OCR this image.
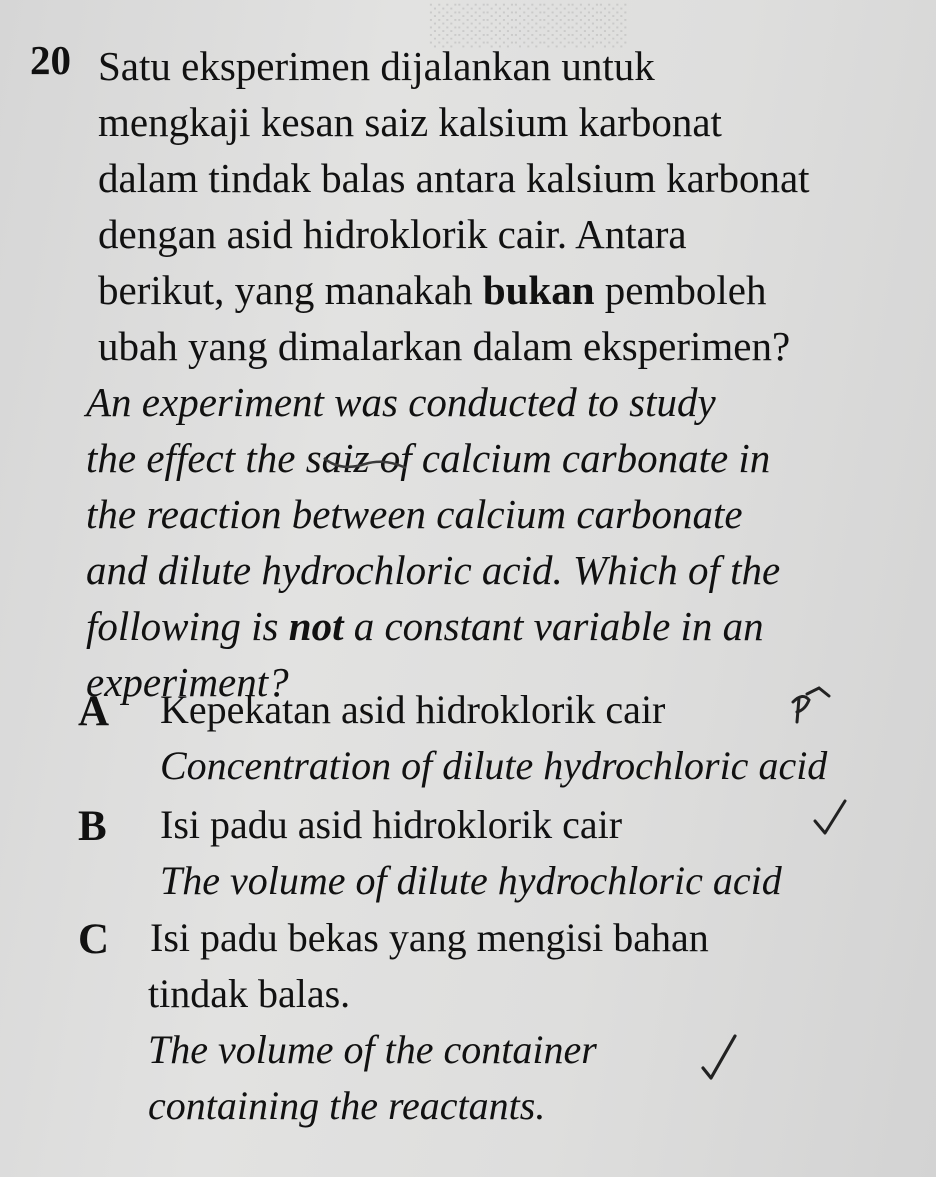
░░░░░░░
20 Satu eksperimen dijalankan untuk
mengkaji kesan saiz kalsium karbonat
dalam tindak balas antara kalsium karbonat
dengan asid hidroklorik cair. Antara
berikut, yang manakah bukan pemboleh
ubah yang dimalarkan dalam eksperimen?
An experiment was conducted to study
the effect the saiz of calcium carbonate in
the reaction between calcium carbonate
and dilute hydrochloric acid. Which of the
following is not a constant variable in an
experiment?
A Kepekatan asid hidroklorik cair
Concentration of dilute hydrochloric acid
B Isi padu asid hidroklorik cair
The volume of dilute hydrochloric acid
C Isi padu bekas yang mengisi bahan
tindak balas.
The volume of the container
containing the reactants.
